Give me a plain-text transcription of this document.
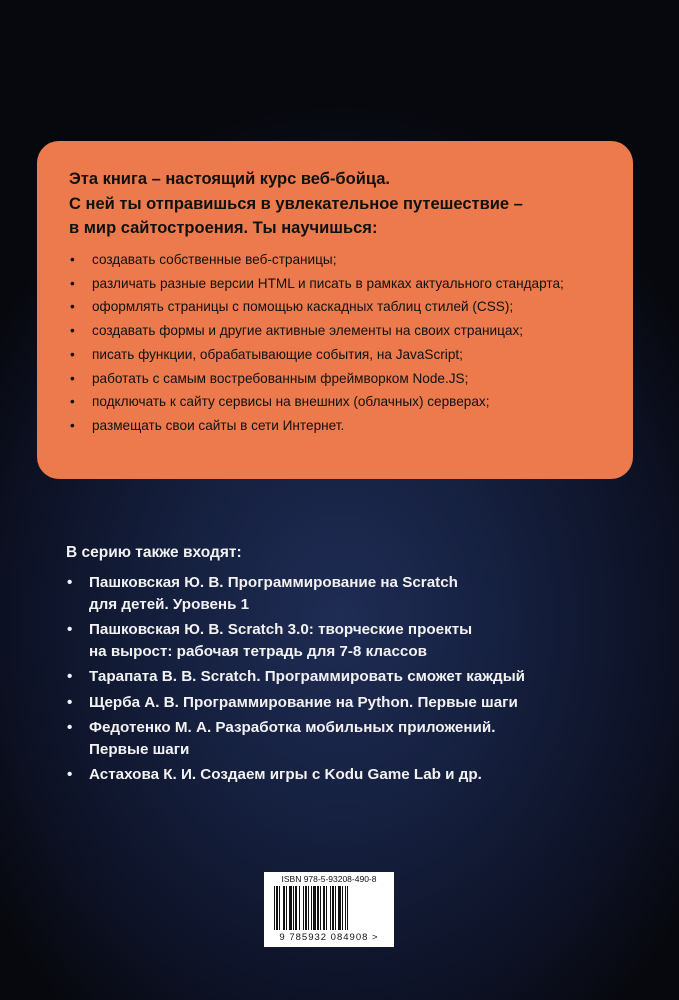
Эта книга – настоящий курс веб-бойца.
С ней ты отправишься в увлекательное путешествие –
в мир сайтостроения. Ты научишься:
• создавать собственные веб-страницы;
• различать разные версии HTML и писать в рамках актуального стандарта;
• оформлять страницы с помощью каскадных таблиц стилей (CSS);
• создавать формы и другие активные элементы на своих страницах;
• писать функции, обрабатывающие события, на JavaScript;
• работать с самым востребованным фреймворком Node.JS;
• подключать к сайту сервисы на внешних (облачных) серверах;
• размещать свои сайты в сети Интернет.

В серию также входят:

• Пашковская Ю. В. Программирование на Scratch
для детей. Уровень 1
• Пашковская Ю. В. Scratch 3.0: творческие проекты
на вырост: рабочая тетрадь для 7-8 классов
• Тарапата В. В. Scratch. Программировать сможет каждый
• Щерба А. В. Программирование на Python. Первые шаги
• Федотенко М. А. Разработка мобильных приложений.
Первые шаги
• Астахова К. И. Создаем игры с Kodu Game Lab и др.
ISBN 978-5-93208-490-8
9 785932 084908 >
